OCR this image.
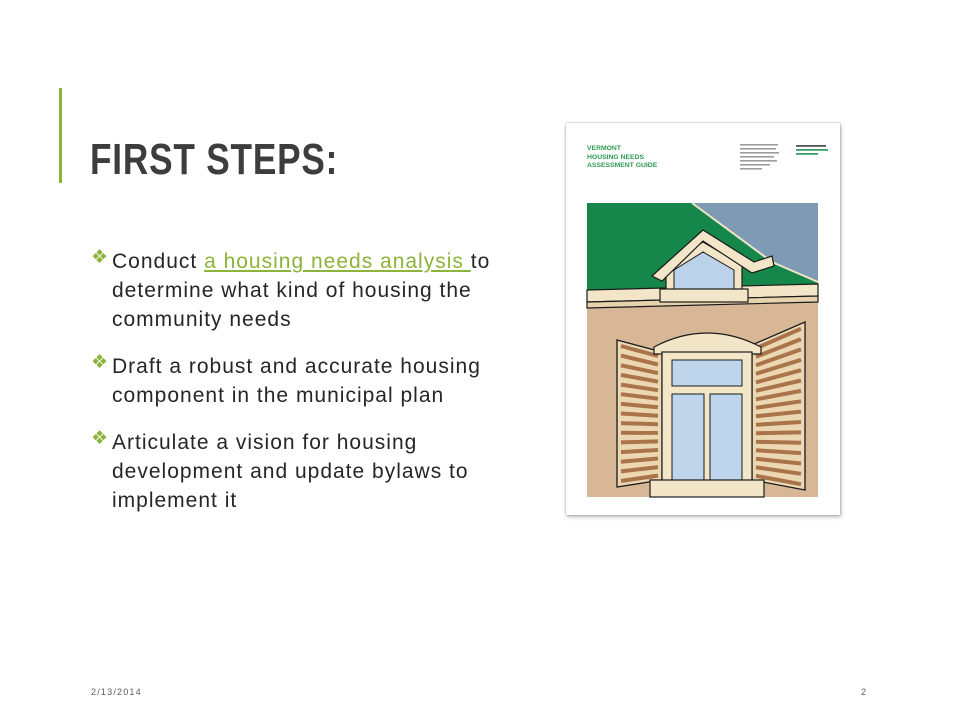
FIRST STEPS:
❖
Conduct a housing needs analysis to
determine what kind of housing the
community needs
❖
Draft a robust and accurate housing
component in the municipal plan
❖
Articulate a vision for housing
development and update bylaws to
implement it
VERMONT
HOUSING NEEDS
ASSESSMENT GUIDE
2/13/2014	2
